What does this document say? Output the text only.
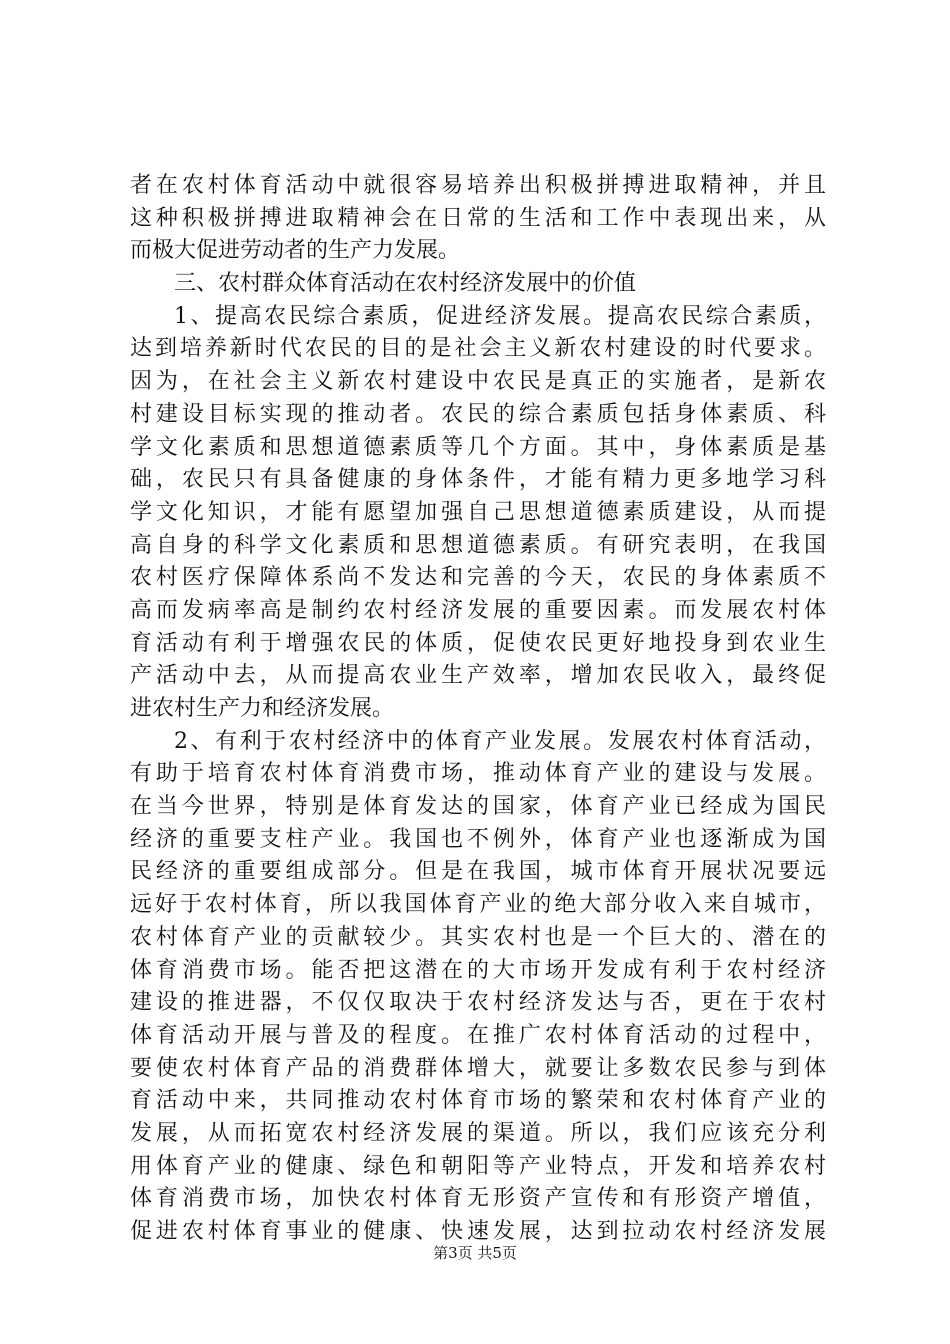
者在农村体育活动中就很容易培养出积极拼搏进取精神，并且
这种积极拼搏进取精神会在日常的生活和工作中表现出来，从
而极大促进劳动者的生产力发展。
三、农村群众体育活动在农村经济发展中的价值
1、提高农民综合素质，促进经济发展。提高农民综合素质，
达到培养新时代农民的目的是社会主义新农村建设的时代要求。
因为，在社会主义新农村建设中农民是真正的实施者，是新农
村建设目标实现的推动者。农民的综合素质包括身体素质、科
学文化素质和思想道德素质等几个方面。其中，身体素质是基
础，农民只有具备健康的身体条件，才能有精力更多地学习科
学文化知识，才能有愿望加强自己思想道德素质建设，从而提
高自身的科学文化素质和思想道德素质。有研究表明，在我国
农村医疗保障体系尚不发达和完善的今天，农民的身体素质不
高而发病率高是制约农村经济发展的重要因素。而发展农村体
育活动有利于增强农民的体质，促使农民更好地投身到农业生
产活动中去，从而提高农业生产效率，增加农民收入，最终促
进农村生产力和经济发展。
2、有利于农村经济中的体育产业发展。发展农村体育活动，
有助于培育农村体育消费市场，推动体育产业的建设与发展。
在当今世界，特别是体育发达的国家，体育产业已经成为国民
经济的重要支柱产业。我国也不例外，体育产业也逐渐成为国
民经济的重要组成部分。但是在我国，城市体育开展状况要远
远好于农村体育，所以我国体育产业的绝大部分收入来自城市，
农村体育产业的贡献较少。其实农村也是一个巨大的、潜在的
体育消费市场。能否把这潜在的大市场开发成有利于农村经济
建设的推进器，不仅仅取决于农村经济发达与否，更在于农村
体育活动开展与普及的程度。在推广农村体育活动的过程中，
要使农村体育产品的消费群体增大，就要让多数农民参与到体
育活动中来，共同推动农村体育市场的繁荣和农村体育产业的
发展，从而拓宽农村经济发展的渠道。所以，我们应该充分利
用体育产业的健康、绿色和朝阳等产业特点，开发和培养农村
体育消费市场，加快农村体育无形资产宣传和有形资产增值，
促进农村体育事业的健康、快速发展，达到拉动农村经济发展
第3页 共5页
